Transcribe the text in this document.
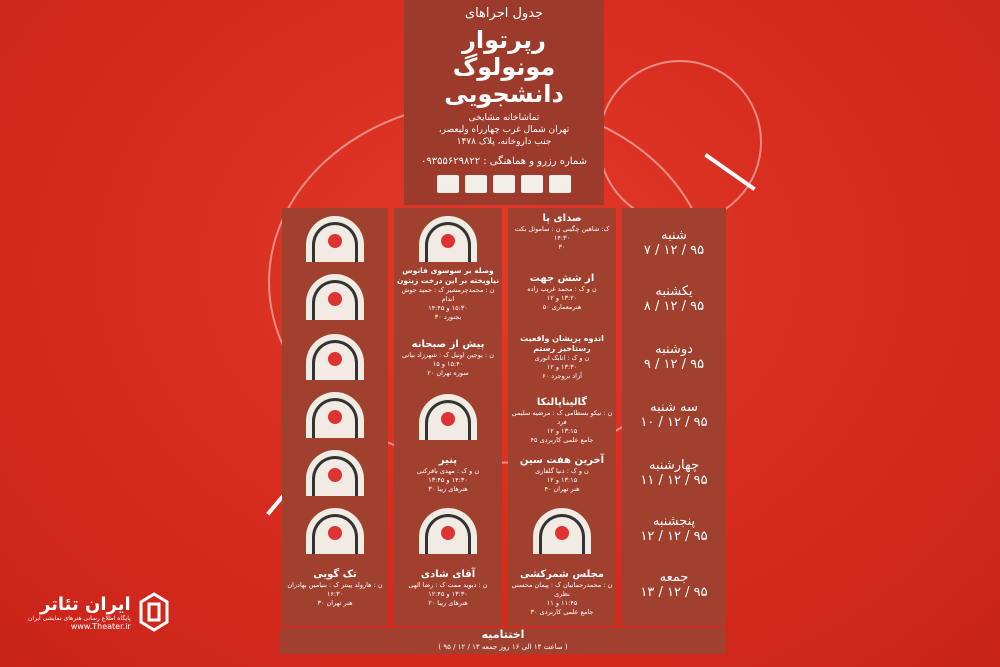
جدول اجراهای
رپرتوار
مونولوگ
دانشجویی
تماشاخانه مشایخی
تهران شمال غرب چهارراه ولیعصر،
جنب داروخانه، پلاک ۱۴۷۸
شماره رزرو و هماهنگی : ۰۹۳۵۵۶۲۹۸۲۲
شنبه
۹۵ / ۱۲ / ۷
یکشنبه
۹۵ / ۱۲ / ۸
دوشنبه
۹۵ / ۱۲ / ۹
سه شنبه
۹۵ / ۱۲ / ۱۰
چهارشنبه
۹۵ / ۱۲ / ۱۱
پنجشنبه
۹۵ / ۱۲ / ۱۲
جمعه
۹۵ / ۱۲ / ۱۳
صدای پا
ک: شاهین چگینی ن : ساموئل بکت
۱۴:۳۰
۳۰
از شش جهت
ن و ک : محمد غریب زاده
۱۳:۲۰ و ۱۲
هنرمعماری ۵۰
اندوه پریشان واقعیت رستاخیز رستم
ن و ک : اتابک انوری
۱۳:۳۰ و ۱۲
آزاد بروجرد ۶۰
گالیناپالنکا
ن : نیکو بسطامی ک : مرضیه سلیمی فرد
۱۳:۱۵ و ۱۲
جامع علمی کاربردی ۴۵
آخرین هفت سین
ن و ک : دنیا گلفاری
۱۳:۱۵ و ۱۲
هنر تهران ۴۰
مجلس شمرکشی
ن : محمدرحمانیان ک : پیمان محسنی نظری
۱۱:۴۵ و ۱۱
جامع علمی کاربردی ۳۰
وصله بر سوسوی فانوس نیاویخته بر این درخت زیتون
ن : محمدچرمشیر ک : حمید جوش اندام
۱۵:۳۰ و ۱۴:۴۵
بجنورد ۳۰
پیش از صبحانه
ن : یوجین اونیل ک : شهرزاد بیانی
۱۵:۴۰ و ۱۵
سوره تهران ۲۰
پنیر
ن و ک : مهدی باقرکنی
۱۴:۳۰ و ۱۳:۴۵
هنرهای زیبا ۳۰
آقای شادی
ن : دیوید ممت ک : رضا الهی
۱۳:۳۰ و ۱۲:۴۵
هنرهای زیبا ۲۰
تک گویی
ن : هارولد پینتر ک : بنیامین بهادران
۱۶:۳۰
هنر تهران ۳۰
اختتامیه
( ساعت ۱۴ الی ۱۶ روز جمعه ۱۳ / ۱۲ / ۹۵ )
ایران تئاتر
پایگاه اطلاع رسانی هنرهای نمایشی ایران
www.Theater.ir
